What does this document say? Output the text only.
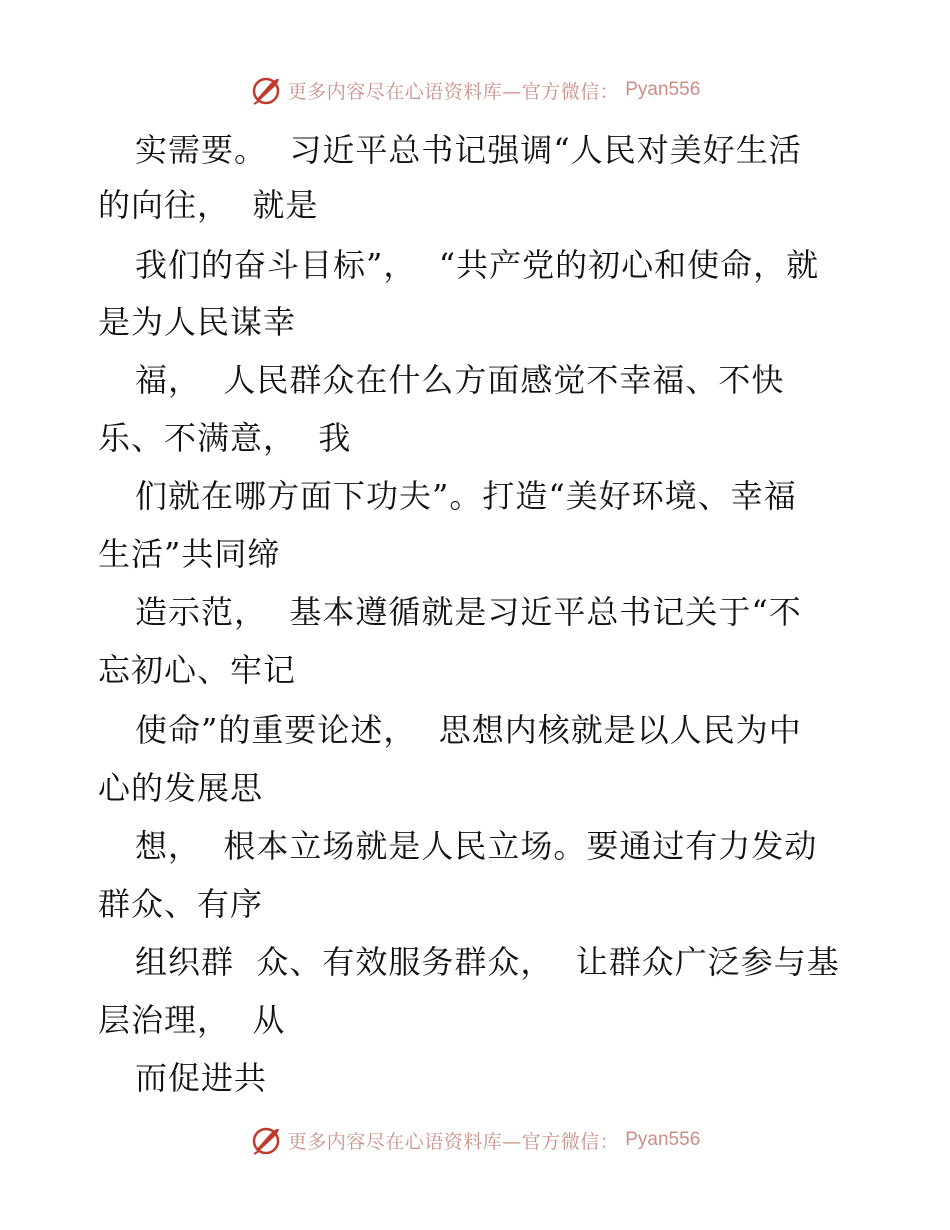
更多内容尽在心语资料库—官方微信： Pyan556
实需要。  习近平总书记强调“人民对美好生活
的向往，  就是
我们的奋斗目标”，  “共产党的初心和使命，就
是为人民谋幸
福，  人民群众在什么方面感觉不幸福、不快
乐、不满意，  我
们就在哪方面下功夫”。打造“美好环境、幸福
生活”共同缔
造示范，  基本遵循就是习近平总书记关于“不
忘初心、牢记
使命”的重要论述，  思想内核就是以人民为中
心的发展思
想，  根本立场就是人民立场。要通过有力发动
群众、有序
组织群  众、有效服务群众，  让群众广泛参与基
层治理，  从
而促进共
更多内容尽在心语资料库—官方微信： Pyan556
